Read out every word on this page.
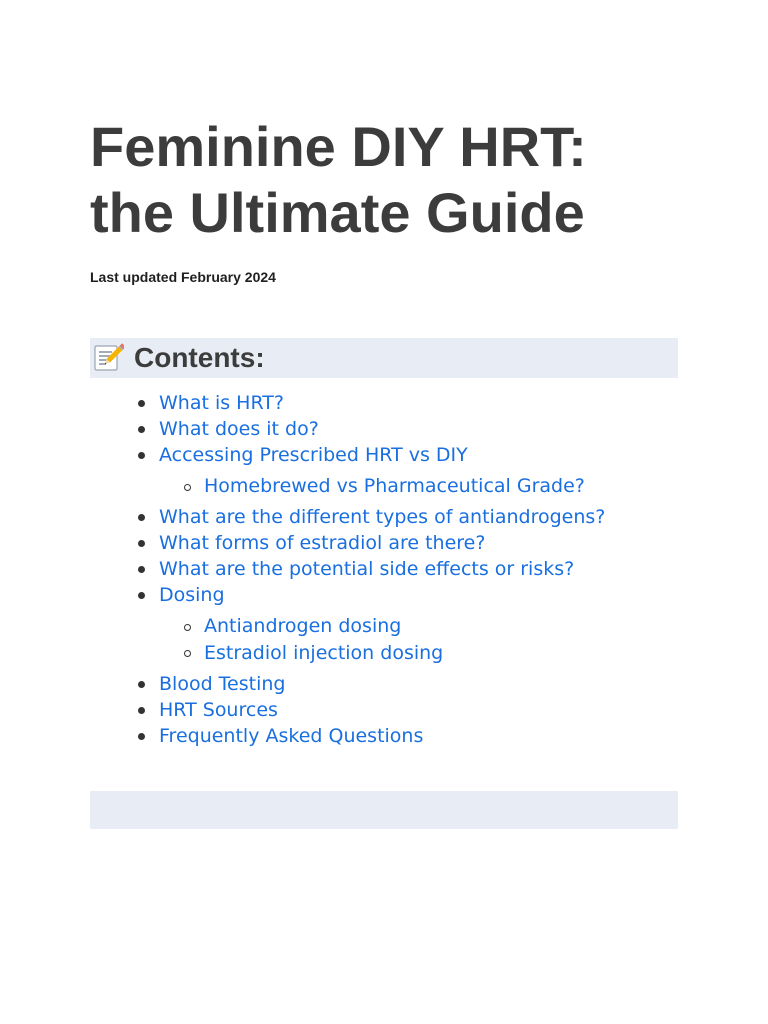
Feminine DIY HRT:
the Ultimate Guide

Last updated February 2024

Contents:
What is HRT?
What does it do?
Accessing Prescribed HRT vs DIY
Homebrewed vs Pharmaceutical Grade?
What are the different types of antiandrogens?
What forms of estradiol are there?
What are the potential side effects or risks?
Dosing
Antiandrogen dosing
Estradiol injection dosing
Blood Testing
HRT Sources
Frequently Asked Questions
